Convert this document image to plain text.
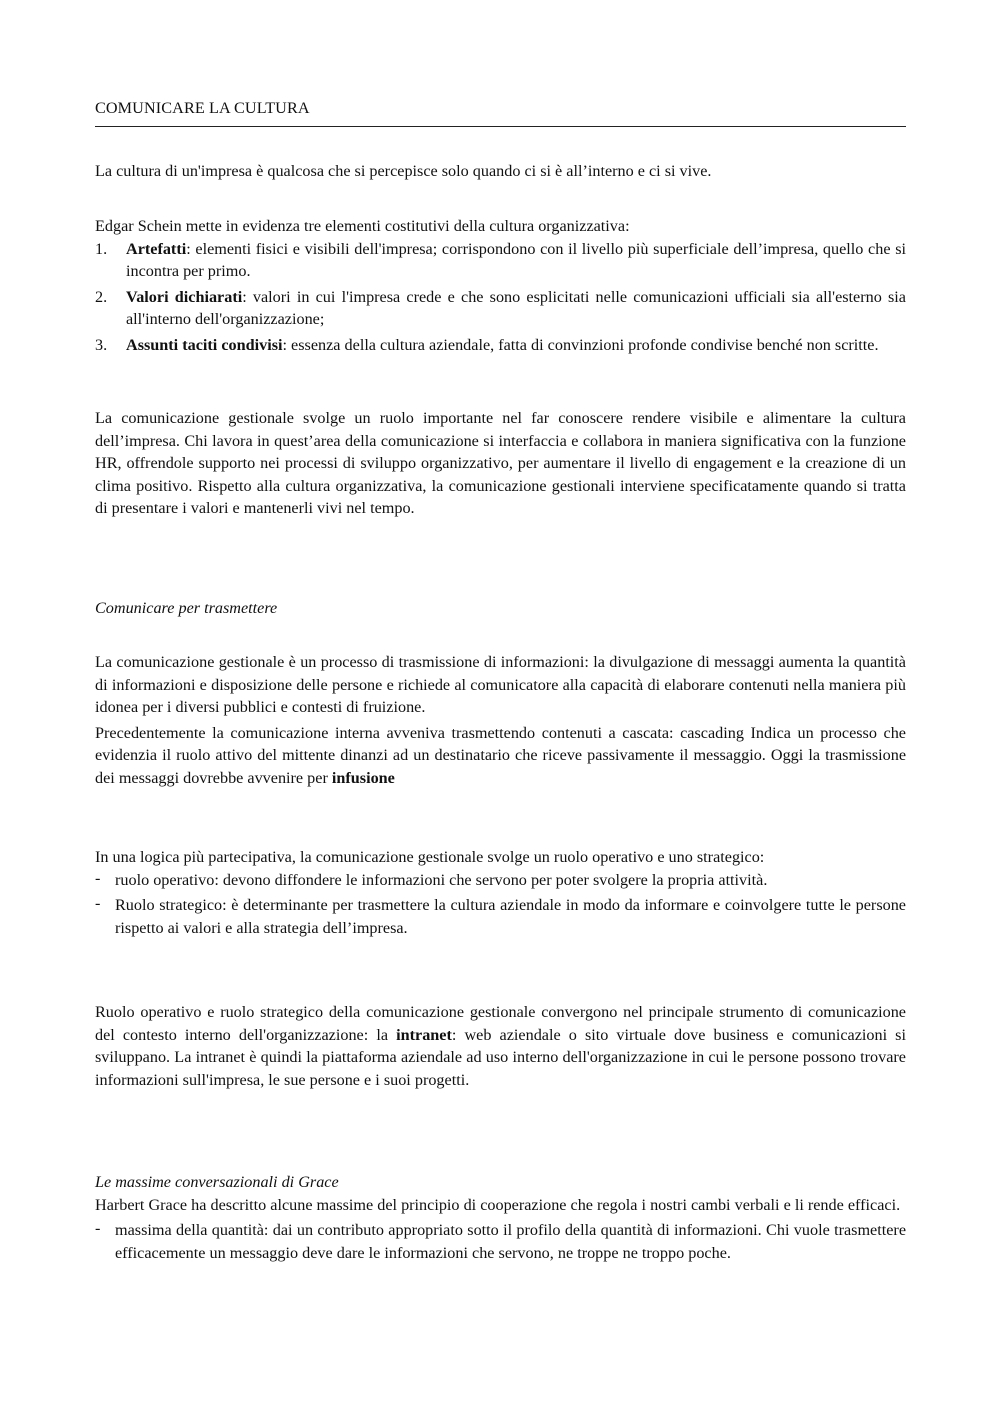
COMUNICARE LA CULTURA

La cultura di un'impresa è qualcosa che si percepisce solo quando ci si è all’interno e ci si vive.

Edgar Schein mette in evidenza tre elementi costitutivi della cultura organizzativa:

1. Artefatti: elementi fisici e visibili dell'impresa; corrispondono con il livello più superficiale dell’impresa, quello che si incontra per primo.
2. Valori dichiarati: valori in cui l'impresa crede e che sono esplicitati nelle comunicazioni ufficiali sia all'esterno sia all'interno dell'organizzazione;
3. Assunti taciti condivisi: essenza della cultura aziendale, fatta di convinzioni profonde condivise benché non scritte.

La comunicazione gestionale svolge un ruolo importante nel far conoscere rendere visibile e alimentare la cultura dell’impresa. Chi lavora in quest’area della comunicazione si interfaccia e collabora in maniera significativa con la funzione HR, offrendole supporto nei processi di sviluppo organizzativo, per aumentare il livello di engagement e la creazione di un clima positivo. Rispetto alla cultura organizzativa, la comunicazione gestionali interviene specificatamente quando si tratta di presentare i valori e mantenerli vivi nel tempo.

Comunicare per trasmettere

La comunicazione gestionale è un processo di trasmissione di informazioni: la divulgazione di messaggi aumenta la quantità di informazioni e disposizione delle persone e richiede al comunicatore alla capacità di elaborare contenuti nella maniera più idonea per i diversi pubblici e contesti di fruizione.

Precedentemente la comunicazione interna avveniva trasmettendo contenuti a cascata: cascading Indica un processo che evidenzia il ruolo attivo del mittente dinanzi ad un destinatario che riceve passivamente il messaggio. Oggi la trasmissione dei messaggi dovrebbe avvenire per infusione

In una logica più partecipativa, la comunicazione gestionale svolge un ruolo operativo e uno strategico:

- ruolo operativo: devono diffondere le informazioni che servono per poter svolgere la propria attività.
- Ruolo strategico: è determinante per trasmettere la cultura aziendale in modo da informare e coinvolgere tutte le persone rispetto ai valori e alla strategia dell’impresa.

Ruolo operativo e ruolo strategico della comunicazione gestionale convergono nel principale strumento di comunicazione del contesto interno dell'organizzazione: la intranet: web aziendale o sito virtuale dove business e comunicazioni si sviluppano. La intranet è quindi la piattaforma aziendale ad uso interno dell'organizzazione in cui le persone possono trovare informazioni sull'impresa, le sue persone e i suoi progetti.

Le massime conversazionali di Grace

Harbert Grace ha descritto alcune massime del principio di cooperazione che regola i nostri cambi verbali e li rende efficaci.

- massima della quantità: dai un contributo appropriato sotto il profilo della quantità di informazioni. Chi vuole trasmettere efficacemente un messaggio deve dare le informazioni che servono, ne troppe ne troppo poche.
